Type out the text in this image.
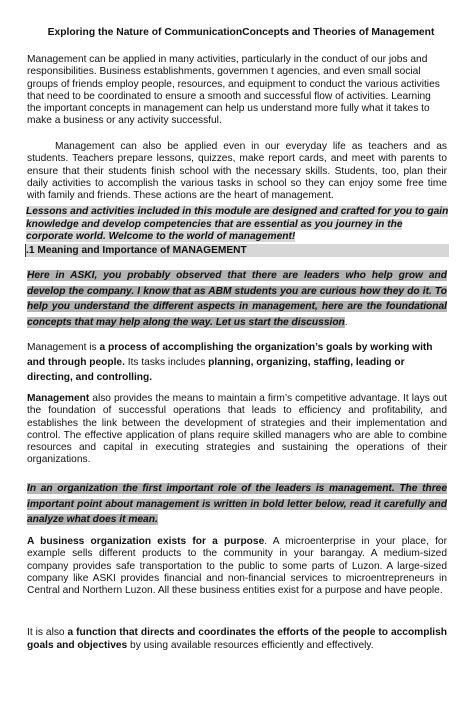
Exploring the Nature of CommunicationConcepts and Theories of Management
Management can be applied in many activities, particularly in the conduct of our jobs and responsibilities. Business establishments, governmen t agencies, and even small social groups of friends employ people, resources, and equipment to conduct the various activities that need to be coordinated to ensure a smooth and successful flow of activities. Learning the important concepts in management can help us understand more fully what it takes to make a business or any activity successful.
Management can also be applied even in our everyday life as teachers and as students. Teachers prepare lessons, quizzes, make report cards, and meet with parents to ensure that their students finish school with the necessary skills. Students, too, plan their daily activities to accomplish the various tasks in school so they can enjoy some free time with family and friends. These actions are the heart of management.
Lessons and activities included in this module are designed and crafted for you to gain knowledge and develop competencies that are essential as you journey in the corporate world. Welcome to the world of management!
.1 Meaning and Importance of MANAGEMENT
Here in ASKI, you probably observed that there are leaders who help grow and develop the company. I know that as ABM students you are curious how they do it. To help you understand the different aspects in management, here are the foundational concepts that may help along the way. Let us start the discussion.
Management is a process of accomplishing the organization’s goals by working with and through people. Its tasks includes planning, organizing, staffing, leading or directing, and controlling.
Management also provides the means to maintain a firm’s competitive advantage. It lays out the foundation of successful operations that leads to efficiency and profitability, and establishes the link between the development of strategies and their implementation and control. The effective application of plans require skilled managers who are able to combine resources and capital in executing strategies and sustaining the operations of their organizations.
In an organization the first important role of the leaders is management. The three important point about management is written in bold letter below, read it carefully and analyze what does it mean.
A business organization exists for a purpose. A microenterprise in your place, for example sells different products to the community in your barangay. A medium-sized company provides safe transportation to the public to some parts of Luzon. A large-sized company like ASKI provides financial and non-financial services to microentrepreneurs in Central and Northern Luzon. All these business entities exist for a purpose and have people.
It is also a function that directs and coordinates the efforts of the people to accomplish goals and objectives by using available resources efficiently and effectively.
